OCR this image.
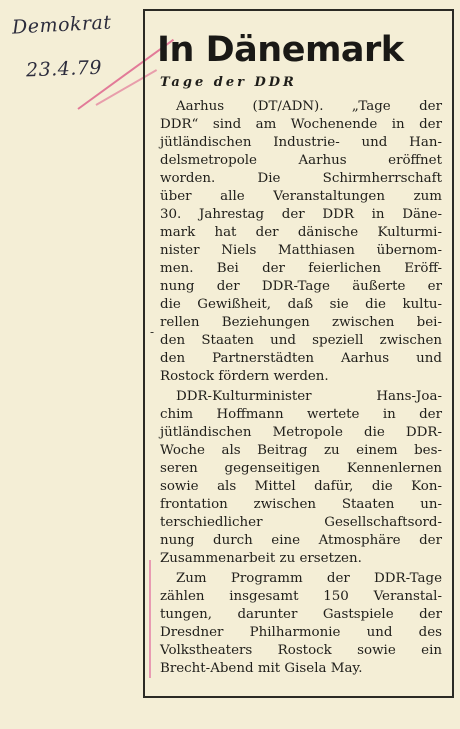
Demokrat
23.4.79 In Dänemark
Tage der DDR
-
Aarhus (DT/ADN). „Tage der
DDR“ sind am Wochenende in der
jütländischen Industrie- und Han-
delsmetropole Aarhus eröffnet
worden. Die Schirmherrschaft
über alle Veranstaltungen zum
30. Jahrestag der DDR in Däne-
mark hat der dänische Kulturmi-
nister Niels Matthiasen übernom-
men. Bei der feierlichen Eröff-
nung der DDR-Tage äußerte er
die Gewißheit, daß sie die kultu-
rellen Beziehungen zwischen bei-
den Staaten und speziell zwischen
den Partnerstädten Aarhus und
Rostock fördern werden.
DDR-Kulturminister Hans-Joa-
chim Hoffmann wertete in der
jütländischen Metropole die DDR-
Woche als Beitrag zu einem bes-
seren gegenseitigen Kennenlernen
sowie als Mittel dafür, die Kon-
frontation zwischen Staaten un-
terschiedlicher Gesellschaftsord-
nung durch eine Atmosphäre der
Zusammenarbeit zu ersetzen.
Zum Programm der DDR-Tage
zählen insgesamt 150 Veranstal-
tungen, darunter Gastspiele der
Dresdner Philharmonie und des
Volkstheaters Rostock sowie ein
Brecht-Abend mit Gisela May.
